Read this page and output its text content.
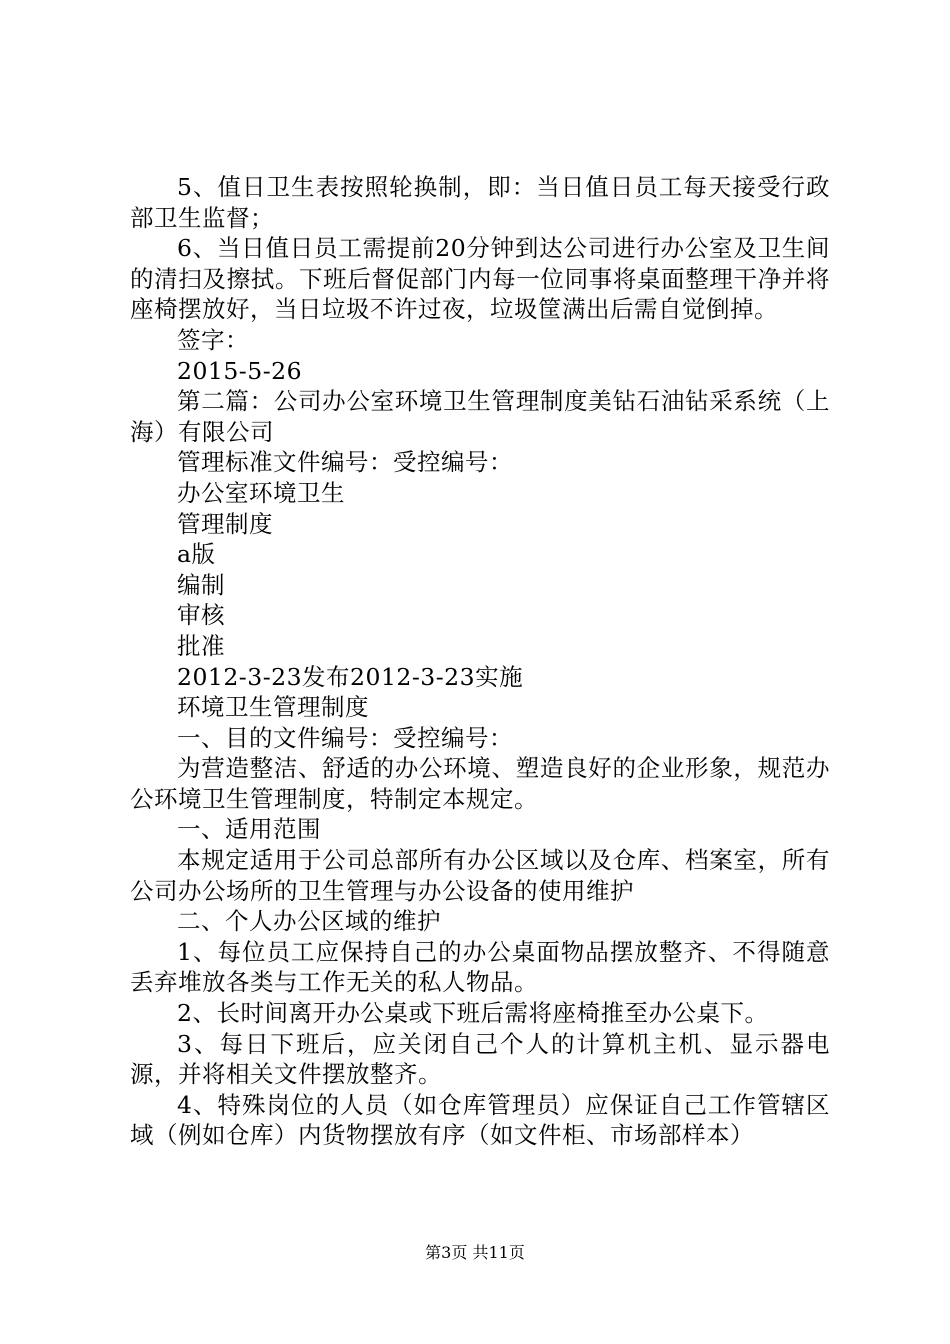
5、值日卫生表按照轮换制，即：当日值日员工每天接受行政部卫生监督；

6、当日值日员工需提前20分钟到达公司进行办公室及卫生间的清扫及擦拭。下班后督促部门内每一位同事将桌面整理干净并将座椅摆放好，当日垃圾不许过夜，垃圾筐满出后需自觉倒掉。

签字：

2015-5-26

第二篇：公司办公室环境卫生管理制度美钻石油钻采系统（上海）有限公司

管理标准文件编号：受控编号：

办公室环境卫生

管理制度

a版

编制

审核

批准

2012-3-23发布2012-3-23实施

环境卫生管理制度

一、目的文件编号：受控编号：

为营造整洁、舒适的办公环境、塑造良好的企业形象，规范办公环境卫生管理制度，特制定本规定。

一、适用范围

本规定适用于公司总部所有办公区域以及仓库、档案室，所有公司办公场所的卫生管理与办公设备的使用维护

二、个人办公区域的维护

1、每位员工应保持自己的办公桌面物品摆放整齐、不得随意丢弃堆放各类与工作无关的私人物品。

2、长时间离开办公桌或下班后需将座椅推至办公桌下。

3、每日下班后，应关闭自己个人的计算机主机、显示器电源，并将相关文件摆放整齐。

4、特殊岗位的人员（如仓库管理员）应保证自己工作管辖区域（例如仓库）内货物摆放有序（如文件柜、市场部样本）

第3页 共11页
